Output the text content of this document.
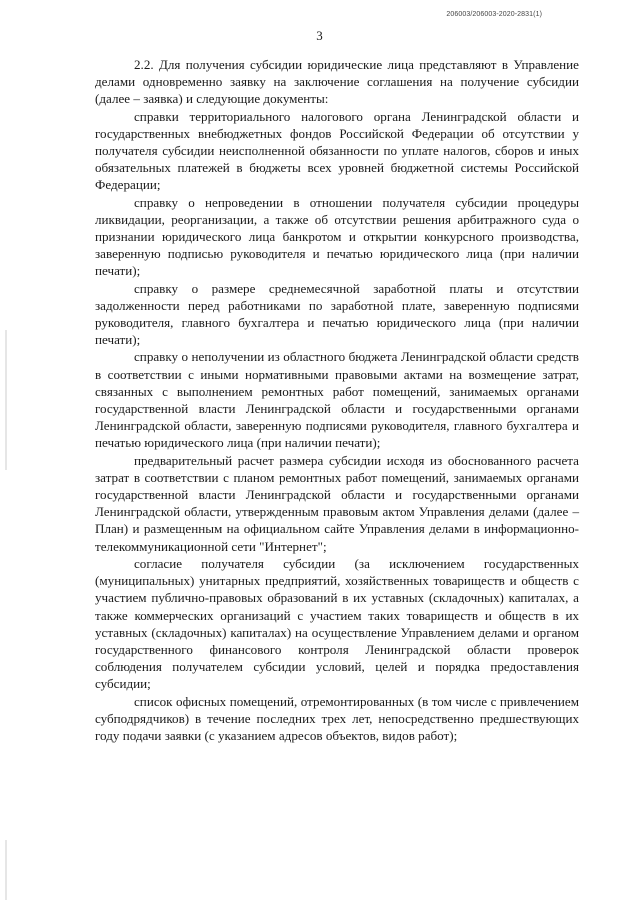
206003/206003-2020-2831(1)
3

2.2. Для получения субсидии юридические лица представляют в Управление делами одновременно заявку на заключение соглашения на получение субсидии (далее – заявка) и следующие документы:

справки территориального налогового органа Ленинградской области и государственных внебюджетных фондов Российской Федерации об отсутствии у получателя субсидии неисполненной обязанности по уплате налогов, сборов и иных обязательных платежей в бюджеты всех уровней бюджетной системы Российской Федерации;

справку о непроведении в отношении получателя субсидии процедуры ликвидации, реорганизации, а также об отсутствии решения арбитражного суда о признании юридического лица банкротом и открытии конкурсного производства, заверенную подписью руководителя и печатью юридического лица (при наличии печати);

справку о размере среднемесячной заработной платы и отсутствии задолженности перед работниками по заработной плате, заверенную подписями руководителя, главного бухгалтера и печатью юридического лица (при наличии печати);

справку о неполучении из областного бюджета Ленинградской области средств в соответствии с иными нормативными правовыми актами на возмещение затрат, связанных с выполнением ремонтных работ помещений, занимаемых органами государственной власти Ленинградской области и государственными органами Ленинградской области, заверенную подписями руководителя, главного бухгалтера и печатью юридического лица (при наличии печати);

предварительный расчет размера субсидии исходя из обоснованного расчета затрат в соответствии с планом ремонтных работ помещений, занимаемых органами государственной власти Ленинградской области и государственными органами Ленинградской области, утвержденным правовым актом Управления делами (далее – План) и размещенным на официальном сайте Управления делами в информационно-телекоммуникационной сети "Интернет";

согласие получателя субсидии (за исключением государственных (муниципальных) унитарных предприятий, хозяйственных товариществ и обществ с участием публично-правовых образований в их уставных (складочных) капиталах, а также коммерческих организаций с участием таких товариществ и обществ в их уставных (складочных) капиталах) на осуществление Управлением делами и органом государственного финансового контроля Ленинградской области проверок соблюдения получателем субсидии условий, целей и порядка предоставления субсидии;

список офисных помещений, отремонтированных (в том числе с привлечением субподрядчиков) в течение последних трех лет, непосредственно предшествующих году подачи заявки (с указанием адресов объектов, видов работ);
